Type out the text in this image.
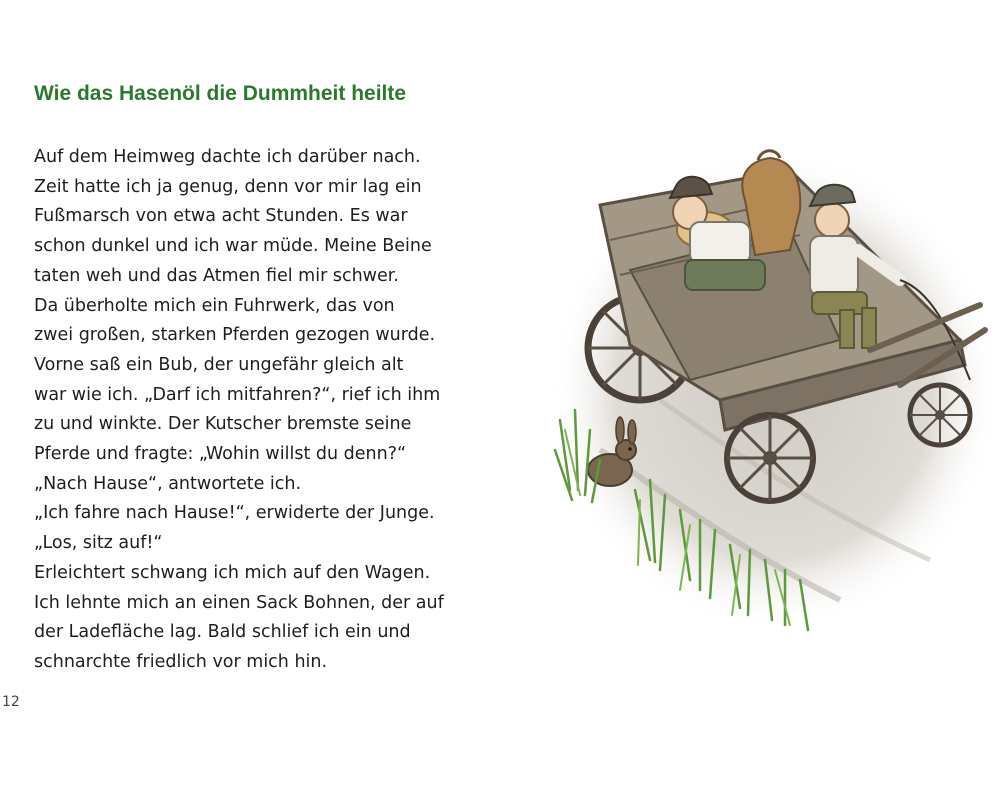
Wie das Hasenöl die Dummheit heilte
Auf dem Heimweg dachte ich darüber nach.
Zeit hatte ich ja genug, denn vor mir lag ein
Fußmarsch von etwa acht Stunden. Es war
schon dunkel und ich war müde. Meine Beine
taten weh und das Atmen fiel mir schwer.
Da überholte mich ein Fuhrwerk, das von
zwei großen, starken Pferden gezogen wurde.
Vorne saß ein Bub, der ungefähr gleich alt
war wie ich. „Darf ich mitfahren?“, rief ich ihm
zu und winkte. Der Kutscher bremste seine
Pferde und fragte: „Wohin willst du denn?“
„Nach Hause“, antwortete ich.
„Ich fahre nach Hause!“, erwiderte der Junge.
„Los, sitz auf!“
Erleichtert schwang ich mich auf den Wagen.
Ich lehnte mich an einen Sack Bohnen, der auf
der Ladefläche lag. Bald schlief ich ein und
schnarchte friedlich vor mich hin.
12
